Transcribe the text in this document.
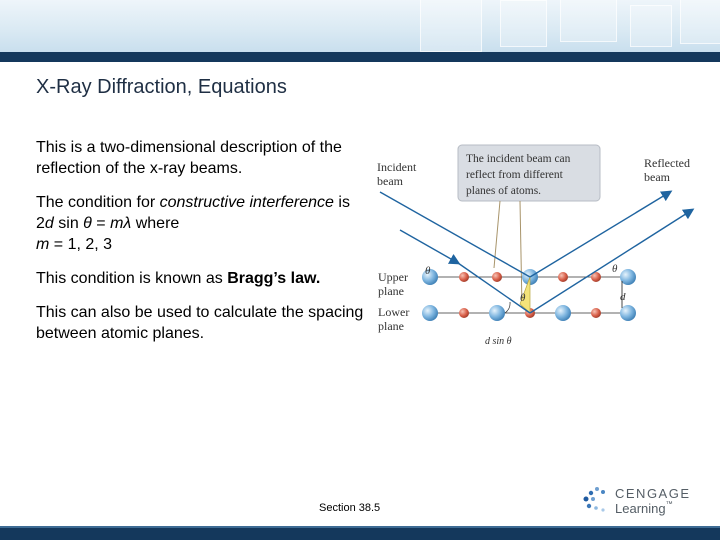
X-Ray Diffraction, Equations

This is a two-dimensional description of the reflection of the x-ray beams.

The condition for constructive interference is 2d sin θ = mλ where
m = 1, 2, 3

This condition is known as Bragg’s law.

This can also be used to calculate the spacing between atomic planes.

The incident beam can
reflect from different
planes of atoms.
Incident
beam
Reflected
beam
θ	θ
θ	d
d sin θ
Upper
plane
Lower
plane
Section 38.5
CENGAGE
Learning™
